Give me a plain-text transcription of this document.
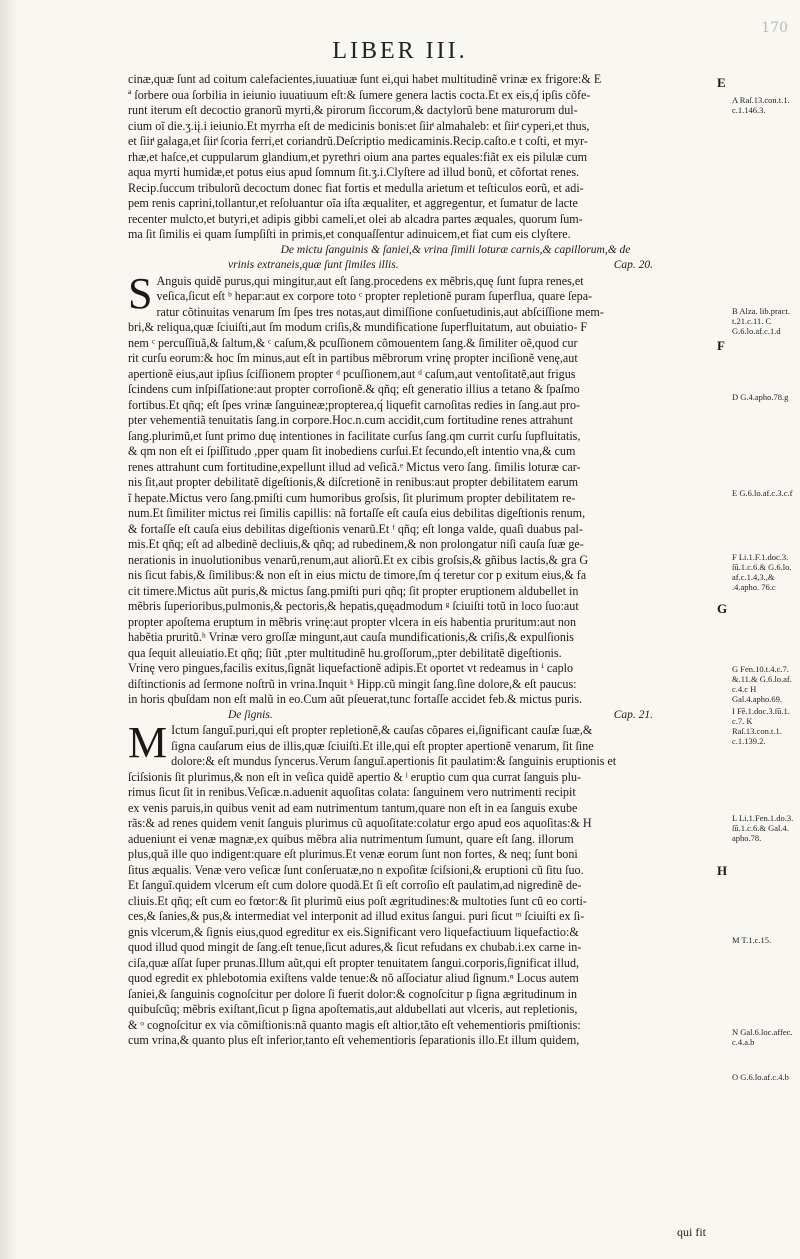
170
LIBER III.
cinæ,quæ ſunt ad coitum calefacientes,iuuatiuæ ſunt ei,qui habet multitudinẽ vrinæ ex frigore:& E
ª ſorbere oua ſorbilia in ieiunio iuuatiuum eſt:& ſumere genera lactis cocta.Et ex eis,q́ ipſis cõfe-
runt iterum eſt decoctio granorũ myrti,& pirorum ſiccorum,& dactylorũ bene maturorum dul-
cium oĩ die.ʒ.iį.i ieiunio.Et myrrha eſt de medicinis bonis:et ſiirͭ almahaleb: et ſiirͭ cyperi,et thus,
et ſiirͭ galaga,et ſiirͭ ſcoria ferri,et coriandrũ.Deſcriptio medicaminis.Recip.caſto.e t coſti, et myr-
rhæ,et haſce,et cuppularum glandium,et pyrethri oium ana partes equales:fiãt ex eis pilulæ cum
aqua myrti humidæ,et potus eius apud ſomnum ſit.ʒ.i.Clyſtere ad illud bonũ, et cõfortat renes.
Recip.ſuccum tribulorũ decoctum donec fiat fortis et medulla arietum et teſticulos eorũ, et adi-
pem renis caprini,tollantur,et reſoluantur oĩa iſta æqualiter, et aggregentur, et ſumatur de lacte
recenter mulcto,et butyri,et adipis gibbi cameli,et olei ab alcadra partes æquales, quorum ſum-
ma ſit ſimilis ei quam ſumpſiſti in primis,et conquaſſentur adinuicem,et fiat cum eis clyſtere.
De mictu ſanguinis & ſaniei,& vrina ſimili loturæ carnis,& capillorum,& de
vrinis extraneis,quæ ſunt ſimiles illis.	Cap. 20.
S Anguis quidẽ purus,qui mingitur,aut eſt ſang.procedens ex mẽbris,quę ſunt ſupra renes,et
veſica,ſicut eſt ᵇ hepar:aut ex corpore toto ᶜ propter repletionẽ puram ſuperflua, quare ſepa-
ratur cõtinuitas venarum ſm ſpes tres notas,aut dimiſſione conſuetudinis,aut abſciſſione mem-
bri,& reliqua,quæ ſciuiſti,aut ſm modum criſis,& mundificatione ſuperfluitatum, aut obuiatio- F
nem ᶜ percuſſiuã,& ſaltum,& ᶜ caſum,& pcuſſionem cõmouentem ſang.& ſimiliter oẽ,quod cur
rit curſu eorum:& hoc ſm minus,aut eſt in partibus mẽbrorum vrinę propter inciſionẽ venę,aut
apertionẽ eius,aut ipſius ſciſſionem propter ᵈ pcuſſionem,aut ᵈ caſum,aut ventoſitatẽ,aut frigus
ſcindens cum inſpiſſatione:aut propter corroſionẽ.& qñq; eſt generatio illius a tetano & ſpaſmo
fortibus.Et qñq; eſt ſpes vrinæ ſanguineæ;propterea,q́ liquefit carnoſitas redies in ſang.aut pro-
pter vehementiã tenuitatis ſang.in corpore.Hoc.n.cum accidit,cum fortitudine renes attrahunt
ſang.plurimũ,et ſunt primo duę intentiones in facilitate curſus ſang.qm currit curſu ſupfluitatis,
& qm non eſt ei ſpiſſitudo ,pper quam ſit inobediens curſui.Et ſecundo,eſt intentio vna,& cum
renes attrahunt cum fortitudine,expellunt illud ad veſicã.ᵉ Mictus vero ſang. ſimilis loturæ car-
nis ſit,aut propter debilitatẽ digeſtionis,& diſcretionẽ in renibus:aut propter debilitatem earum
ĩ hepate.Mictus vero ſang.pmiſti cum humoribus groſsis, ſit plurimum propter debilitatem re-
num.Et ſimiliter mictus rei ſimilis capillis: nã fortaſſe eſt cauſa eius debilitas digeſtionis renum,
& fortaſſe eſt cauſa eius debilitas digeſtionis venarũ.Et ᶠ qñq; eſt longa valde, quaſi duabus pal-
mis.Et qñq; eſt ad albedinẽ decliuis,& qñq; ad rubedinem,& non prolongatur niſi cauſa ſuæ ge-
nerationis in inuolutionibus venarũ,renum,aut aliorũ.Et ex cibis groſsis,& gñibus lactis,& gra G
nis ſicut fabis,& ſimilibus:& non eſt in eius mictu de timore,ſm q́ teretur cor p exitum eius,& fa
cit timere.Mictus aũt puris,& mictus ſang.pmiſti puri qñq; ſit propter eruptionem aldubellet in
mẽbris ſuperioribus,pulmonis,& pectoris,& hepatis,quęadmodum ᵍ ſciuiſti totũ in loco ſuo:aut
propter apoſtema eruptum in mẽbris vrinę:aut propter vlcera in eis habentia pruritum:aut non
habẽtia pruritũ.ʰ Vrinæ vero groſſæ mingunt,aut cauſa mundificationis,& criſis,& expulſionis
qua ſequit alleuiatio.Et qñq; ſiũt ,pter multitudinẽ hu.groſſorum,,pter debilitatẽ digeſtionis.
Vrinę vero pingues,facilis exitus,ſignãt liquefactionẽ adipis.Et oportet vt redeamus in ⁱ caplo
diſtinctionis ad ſermone noſtrũ in vrina.Inquit ᵏ Hipp.cũ mingit ſang.ſine dolore,& eſt paucus:
in horis qbuſdam non eſt malũ in eo.Cum aũt pſeuerat,tunc fortaſſe accidet feb.& mictus puris.
De ſignis.	Cap. 21.
M Ictum ſanguĩ.puri,qui eſt propter repletionẽ,& cauſas cõpares ei,ſignificant cauſæ ſuæ,&
ſigna cauſarum eius de illis,quæ ſciuiſti.Et ille,qui eſt propter apertionẽ venarum, ſit ſine
dolore:& eſt mundus ſyncerus.Verum ſanguĩ.apertionis ſit paulatim:& ſanguinis eruptionis et
ſciſsionis ſit plurimus,& non eſt in veſica quidẽ apertio & ˡ eruptio cum qua currat ſanguis plu-
rimus ſicut ſit in renibus.Veſicæ.n.aduenit aquoſitas colata: ſanguinem vero nutrimenti recipit
ex venis paruis,in quibus venit ad eam nutrimentum tantum,quare non eſt in ea ſanguis exube
rãs:& ad renes quidem venit ſanguis plurimus cũ aquoſitate:colatur ergo apud eos aquoſitas:& H
adueniunt ei venæ magnæ,ex quibus mẽbra alia nutrimentum ſumunt, quare eſt ſang. illorum
plus,quã ille quo indigent:quare eſt plurimus.Et venæ eorum ſunt non fortes, & neq; ſunt boni
ſitus æqualis. Venæ vero veſicæ ſunt conſeruatæ,no n expoſitæ ſciſsioni,& eruptioni cũ ſitu ſuo.
Et ſanguĩ.quidem vlcerum eſt cum dolore quodã.Et ſi eſt corroſio eſt paulatim,ad nigredinẽ de-
cliuis.Et qñq; eſt cum eo fœtor:& ſit plurimũ eius poſt ægritudines:& multoties ſunt cũ eo corti-
ces,& ſanies,& pus,& intermediat vel interponit ad illud exitus ſangui. puri ſicut ᵐ ſciuiſti ex ſi-
gnis vlcerum,& ſignis eius,quod egreditur ex eis.Significant vero liquefactiuum liquefactio:&
quod illud quod mingit de ſang.eſt tenue,ſicut adures,& ſicut refudans ex chubab.i.ex carne in-
ciſa,quæ aſſat ſuper prunas.Illum aũt,qui eſt propter tenuitatem ſangui.corporis,ſignificat illud,
quod egredit ex phlebotomia exiſtens valde tenue:& nõ aſſociatur aliud ſignum.ⁿ Locus autem
ſaniei,& ſanguinis cognoſcitur per dolore ſi fuerit dolor:& cognoſcitur p ſigna ægritudinum in
quibuſcũq; mẽbris exiſtant,ſicut p ſigna apoſtematis,aut aldubellati aut vlceris, aut repletionis,
& ᵒ cognoſcitur ex via cõmiſtionis:nã quanto magis eſt altior,tãto eſt vehementioris pmiſtionis:
cum vrina,& quanto plus eſt inferior,tanto eſt vehementioris ſeparationis illo.Et illum quidem,
E
F
G
H
A Raſ.13.con.t.1. c.1.146.3.
B Alza. lib.pract. t.21.c.11. C G.6.lo.af.c.1.d
D G.4.apho.78.g
E G.6.lo.af.c.3.c.f
F Li.1.F.1.doc.3. ſũ.1.c.6.& G.6.lo. af.c.1.4,3.,& .4.apho. 76.c
G Fen.10.t.4.c.7. &.11.& G.6.lo.af. c.4.c H Gal.4.apho.69.
I Fẽ.1.doc.3.ſũ.1. c.7. K Raſ.13.con.t.1. c.1.139.2.
L Li.1.Fen.1.do.3. ſũ.1.c.6.& Gal.4. apho.78.
M T.1.c.15.
N Gal.6.loc.affec. c.4.a.b
O G.6.lo.af.c.4.b
qui fit
